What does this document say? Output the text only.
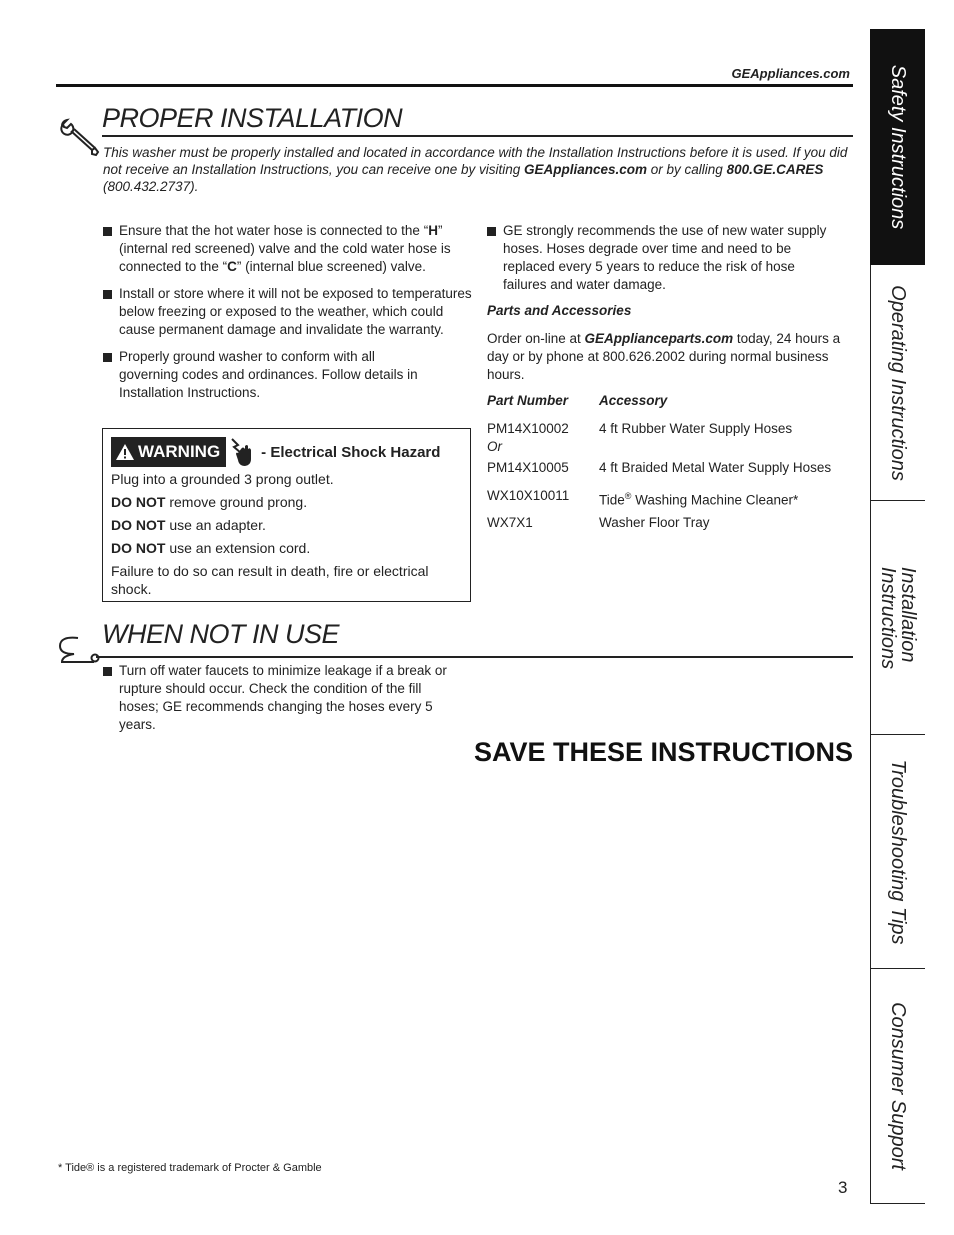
GEAppliances.com
PROPER INSTALLATION
This washer must be properly installed and located in accordance with the Installation Instructions before it is used. If you did not receive an Installation Instructions, you can receive one by visiting GEAppliances.com or by calling 800.GE.CARES (800.432.2737).
Ensure that the hot water hose is connected to the “H” (internal red screened) valve and the cold water hose is connected to the “C” (internal blue screened) valve.
Install or store where it will not be exposed to temperatures below freezing or exposed to the weather, which could cause permanent damage and invalidate the warranty.
Properly ground washer to conform with all governing codes and ordinances. Follow details in Installation Instructions.
WARNING	- Electrical Shock Hazard

Plug into a grounded 3 prong outlet.

DO NOT remove ground prong.

DO NOT use an adapter.

DO NOT use an extension cord.

Failure to do so can result in death, fire or electrical shock.

GE strongly recommends the use of new water supply hoses. Hoses degrade over time and need to be replaced every 5 years to reduce the risk of hose failures and water damage.
Parts and Accessories
Order on-line at GEApplianceparts.com today, 24 hours a day or by phone at 800.626.2002 during normal business hours.
Part Number Accessory
PM14X10002 4 ft Rubber Water Supply Hoses
Or
PM14X10005 4 ft Braided Metal Water Supply Hoses
WX10X10011 Tide® Washing Machine Cleaner*
WX7X1	Washer Floor Tray
WHEN NOT IN USE
Turn off water faucets to minimize leakage if a break or rupture should occur. Check the condition of the fill hoses; GE recommends changing the hoses every 5 years.
SAVE THESE INSTRUCTIONS
* Tide® is a registered trademark of Procter & Gamble
3
Safety Instructions
Operating Instructions
Installation
Instructions
Troubleshooting Tips
Consumer Support
